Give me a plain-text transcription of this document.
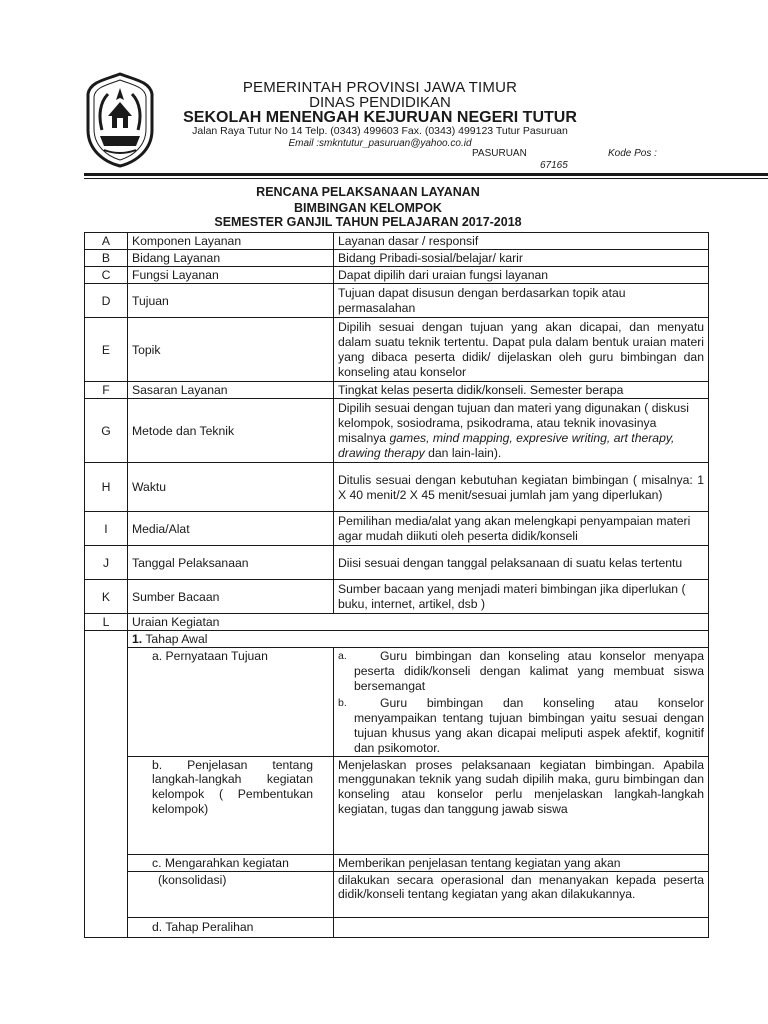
PEMERINTAH PROVINSI JAWA TIMUR
DINAS PENDIDIKAN
SEKOLAH MENENGAH KEJURUAN NEGERI TUTUR
Jalan Raya Tutur No 14 Telp. (0343) 499603 Fax. (0343) 499123 Tutur Pasuruan
Email :smkntutur_pasuruan@yahoo.co.id
PASURUAN	Kode Pos :
67165
RENCANA PELAKSANAAN LAYANAN
BIMBINGAN KELOMPOK
SEMESTER GANJIL TAHUN PELAJARAN 2017-2018
A	Komponen Layanan	Layanan dasar / responsif
B	Bidang Layanan	Bidang Pribadi-sosial/belajar/ karir
C	Fungsi Layanan	Dapat dipilih dari uraian fungsi layanan
D	Tujuan	Tujuan dapat disusun dengan berdasarkan topik atau permasalahan
E	Topik	Dipilih sesuai dengan tujuan yang akan dicapai, dan menyatu dalam suatu teknik tertentu. Dapat pula dalam bentuk uraian materi yang dibaca peserta didik/ dijelaskan oleh guru bimbingan dan konseling atau konselor
F	Sasaran Layanan	Tingkat kelas peserta didik/konseli. Semester berapa
G	Metode dan Teknik	Dipilih sesuai dengan tujuan dan materi yang digunakan ( diskusi kelompok, sosiodrama, psikodrama, atau teknik inovasinya misalnya games, mind mapping, expresive writing, art therapy, drawing therapy dan lain-lain).
H	Waktu	Ditulis sesuai dengan kebutuhan kegiatan bimbingan ( misalnya: 1 X 40 menit/2 X 45 menit/sesuai jumlah jam yang diperlukan)
I	Media/Alat	Pemilihan media/alat yang akan melengkapi penyampaian materi agar mudah diikuti oleh peserta didik/konseli
J	Tanggal Pelaksanaan	Diisi sesuai dengan tanggal pelaksanaan di suatu kelas tertentu
K	Sumber Bacaan	Sumber bacaan yang menjadi materi bimbingan jika diperlukan ( buku, internet, artikel, dsb )
L	Uraian Kegiatan	
	1. Tahap Awal	
	a. Pernyataan Tujuan	a. Guru bimbingan dan konseling atau konselor menyapa peserta didik/konseli dengan kalimat yang membuat siswa bersemangat
b. Guru bimbingan dan konseling atau konselor menyampaikan tentang tujuan bimbingan yaitu sesuai dengan tujuan khusus yang akan dicapai meliputi aspek afektif, kognitif dan psikomotor.

	b. Penjelasan tentang langkah-langkah kegiatan kelompok ( Pembentukan kelompok)	Menjelaskan proses pelaksanaan kegiatan bimbingan. Apabila menggunakan teknik yang sudah dipilih maka, guru bimbingan dan konseling atau konselor perlu menjelaskan langkah-langkah kegiatan, tugas dan tanggung jawab siswa
	c. Mengarahkan kegiatan	Memberikan penjelasan tentang kegiatan yang akan
	(konsolidasi)	dilakukan secara operasional dan menanyakan kepada peserta didik/konseli tentang kegiatan yang akan dilakukannya.
	d. Tahap Peralihan	
